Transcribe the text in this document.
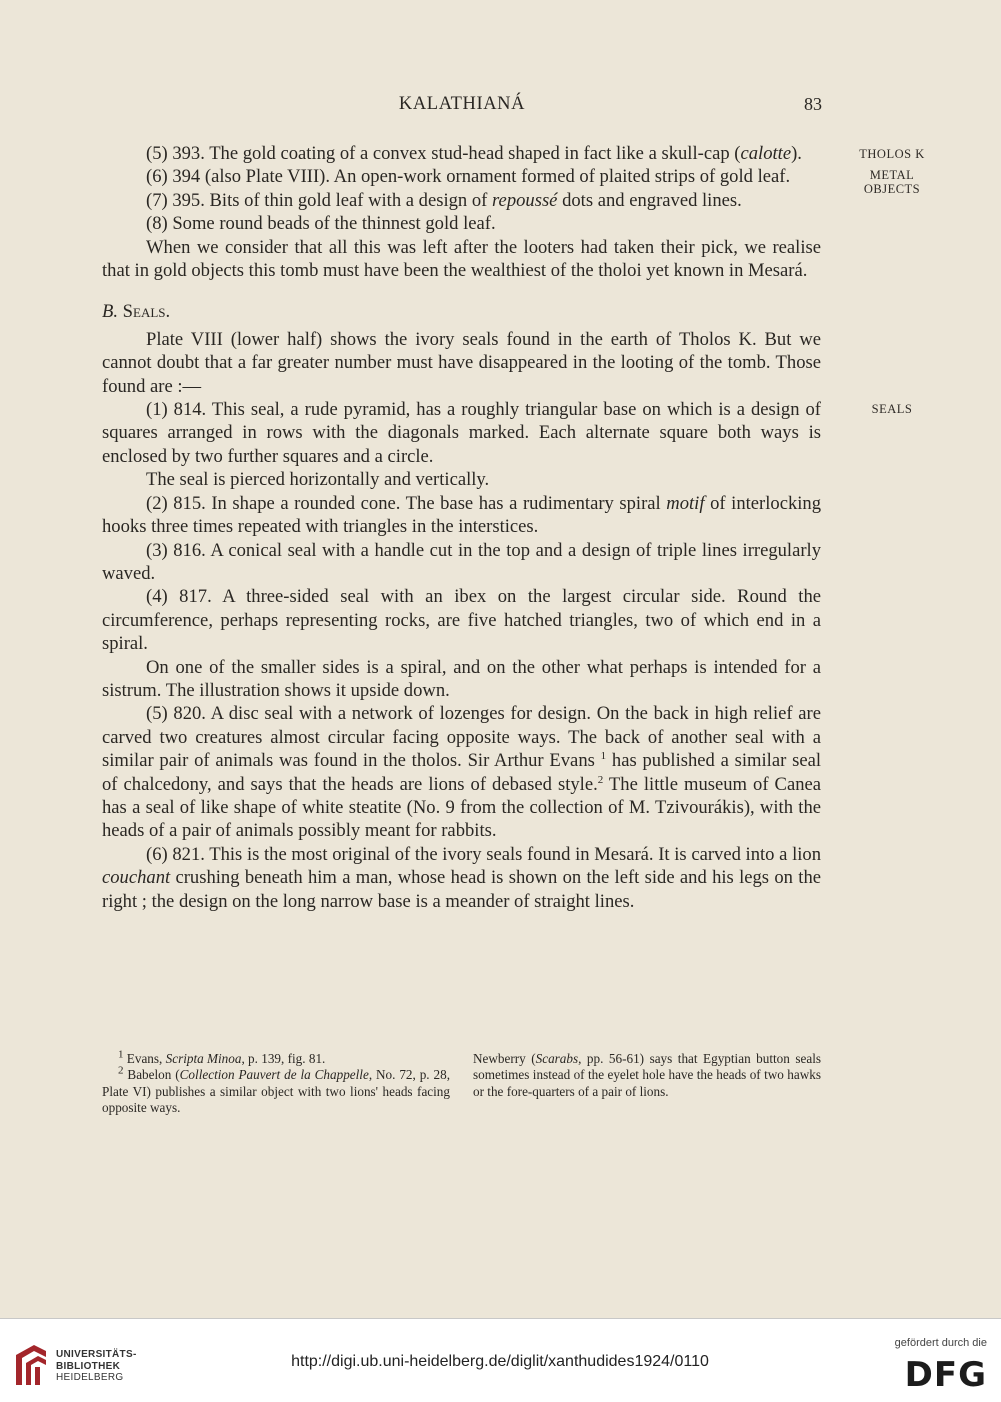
KALATHIANÁ	83
THOLOS K
METAL
OBJECTS
SEALS

(5) 393. The gold coating of a convex stud-head shaped in fact like a skull-cap (calotte).

(6) 394 (also Plate VIII). An open-work ornament formed of plaited strips of gold leaf.

(7) 395. Bits of thin gold leaf with a design of repoussé dots and engraved lines.

(8) Some round beads of the thinnest gold leaf.

When we consider that all this was left after the looters had taken their pick, we realise that in gold objects this tomb must have been the wealthiest of the tholoi yet known in Mesará.

B. Seals.

Plate VIII (lower half) shows the ivory seals found in the earth of Tholos K. But we cannot doubt that a far greater number must have disappeared in the looting of the tomb. Those found are :—

(1) 814. This seal, a rude pyramid, has a roughly triangular base on which is a design of squares arranged in rows with the diagonals marked. Each alternate square both ways is enclosed by two further squares and a circle.

The seal is pierced horizontally and vertically.

(2) 815. In shape a rounded cone. The base has a rudimentary spiral motif of interlocking hooks three times repeated with triangles in the interstices.

(3) 816. A conical seal with a handle cut in the top and a design of triple lines irregularly waved.

(4) 817. A three-sided seal with an ibex on the largest circular side. Round the circumference, perhaps representing rocks, are five hatched triangles, two of which end in a spiral.

On one of the smaller sides is a spiral, and on the other what perhaps is intended for a sistrum. The illustration shows it upside down.

(5) 820. A disc seal with a network of lozenges for design. On the back in high relief are carved two creatures almost circular facing opposite ways. The back of another seal with a similar pair of animals was found in the tholos. Sir Arthur Evans $^1$ has published a similar seal of chalcedony, and says that the heads are lions of debased style.$^2$ The little museum of Canea has a seal of like shape of white steatite (No. 9 from the collection of M. Tzivourákis), with the heads of a pair of animals possibly meant for rabbits.

(6) 821. This is the most original of the ivory seals found in Mesará. It is carved into a lion couchant crushing beneath him a man, whose head is shown on the left side and his legs on the right ; the design on the long narrow base is a meander of straight lines.

$^1$ Evans, Scripta Minoa, p. 139, fig. 81.

$^2$ Babelon (Collection Pauvert de la Chappelle, No. 72, p. 28, Plate VI) publishes a similar object with two lions' heads facing opposite ways.

Newberry (Scarabs, pp. 56-61) says that Egyptian button seals sometimes instead of the eyelet hole have the heads of two hawks or the fore-quarters of a pair of lions.

UNIVERSITÄTS-
BIBLIOTHEK
HEIDELBERG
http://digi.ub.uni-heidelberg.de/diglit/xanthudides1924/0110
gefördert durch die
DFG
